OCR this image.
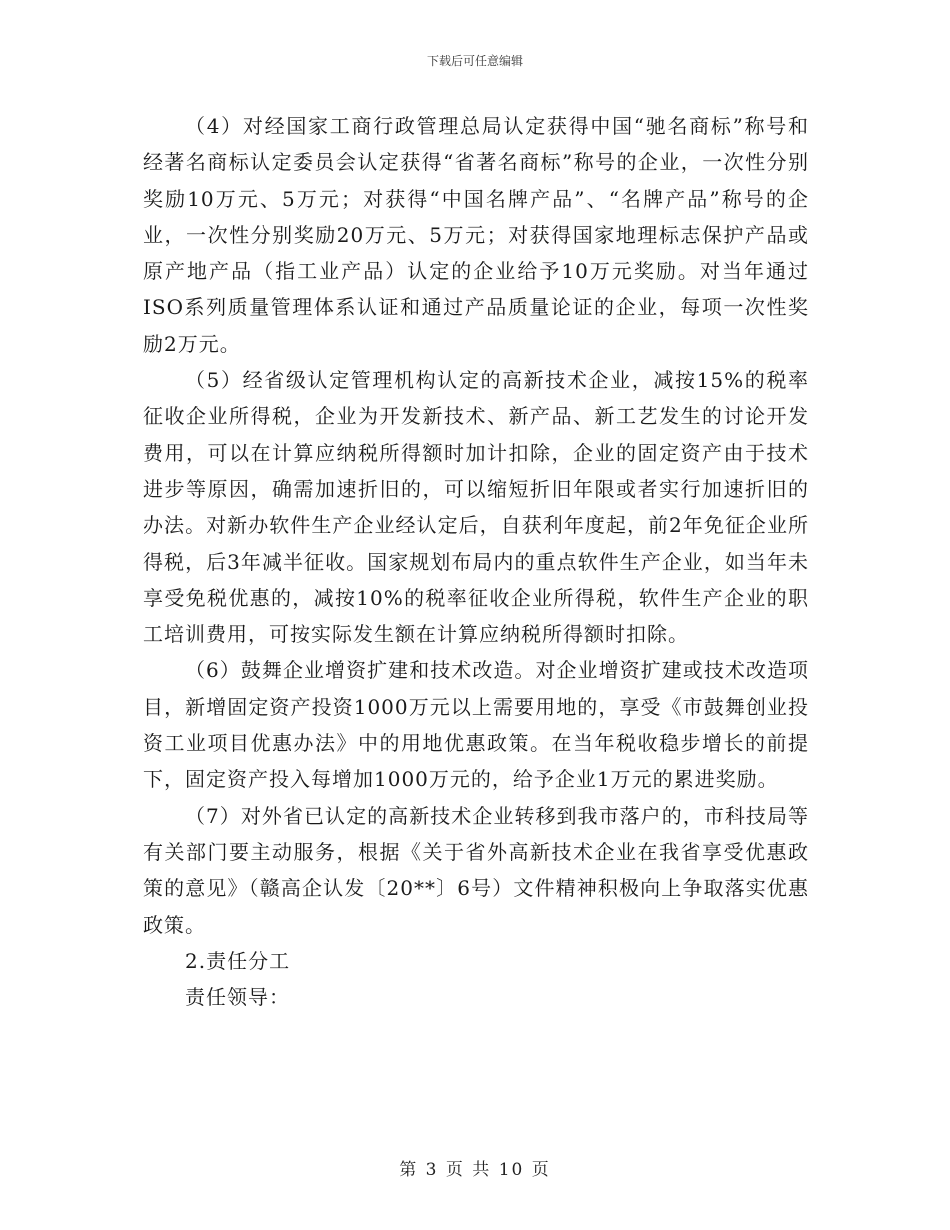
下载后可任意编辑

（4）对经国家工商行政管理总局认定获得中国“驰名商标”称号和经著名商标认定委员会认定获得“省著名商标”称号的企业，一次性分别奖励10万元、5万元；对获得“中国名牌产品”、“名牌产品”称号的企业，一次性分别奖励20万元、5万元；对获得国家地理标志保护产品或原产地产品（指工业产品）认定的企业给予10万元奖励。对当年通过ISO系列质量管理体系认证和通过产品质量论证的企业，每项一次性奖励2万元。

（5）经省级认定管理机构认定的高新技术企业，减按15%的税率征收企业所得税，企业为开发新技术、新产品、新工艺发生的讨论开发费用，可以在计算应纳税所得额时加计扣除，企业的固定资产由于技术进步等原因，确需加速折旧的，可以缩短折旧年限或者实行加速折旧的办法。对新办软件生产企业经认定后，自获利年度起，前2年免征企业所得税，后3年减半征收。国家规划布局内的重点软件生产企业，如当年未享受免税优惠的，减按10%的税率征收企业所得税，软件生产企业的职工培训费用，可按实际发生额在计算应纳税所得额时扣除。

（6）鼓舞企业增资扩建和技术改造。对企业增资扩建或技术改造项目，新增固定资产投资1000万元以上需要用地的，享受《市鼓舞创业投资工业项目优惠办法》中的用地优惠政策。在当年税收稳步增长的前提下，固定资产投入每增加1000万元的，给予企业1万元的累进奖励。

（7）对外省已认定的高新技术企业转移到我市落户的，市科技局等有关部门要主动服务，根据《关于省外高新技术企业在我省享受优惠政策的意见》（赣高企认发〔20**〕6号）文件精神积极向上争取落实优惠政策。

2.责任分工

责任领导：

第 3 页 共 10 页
